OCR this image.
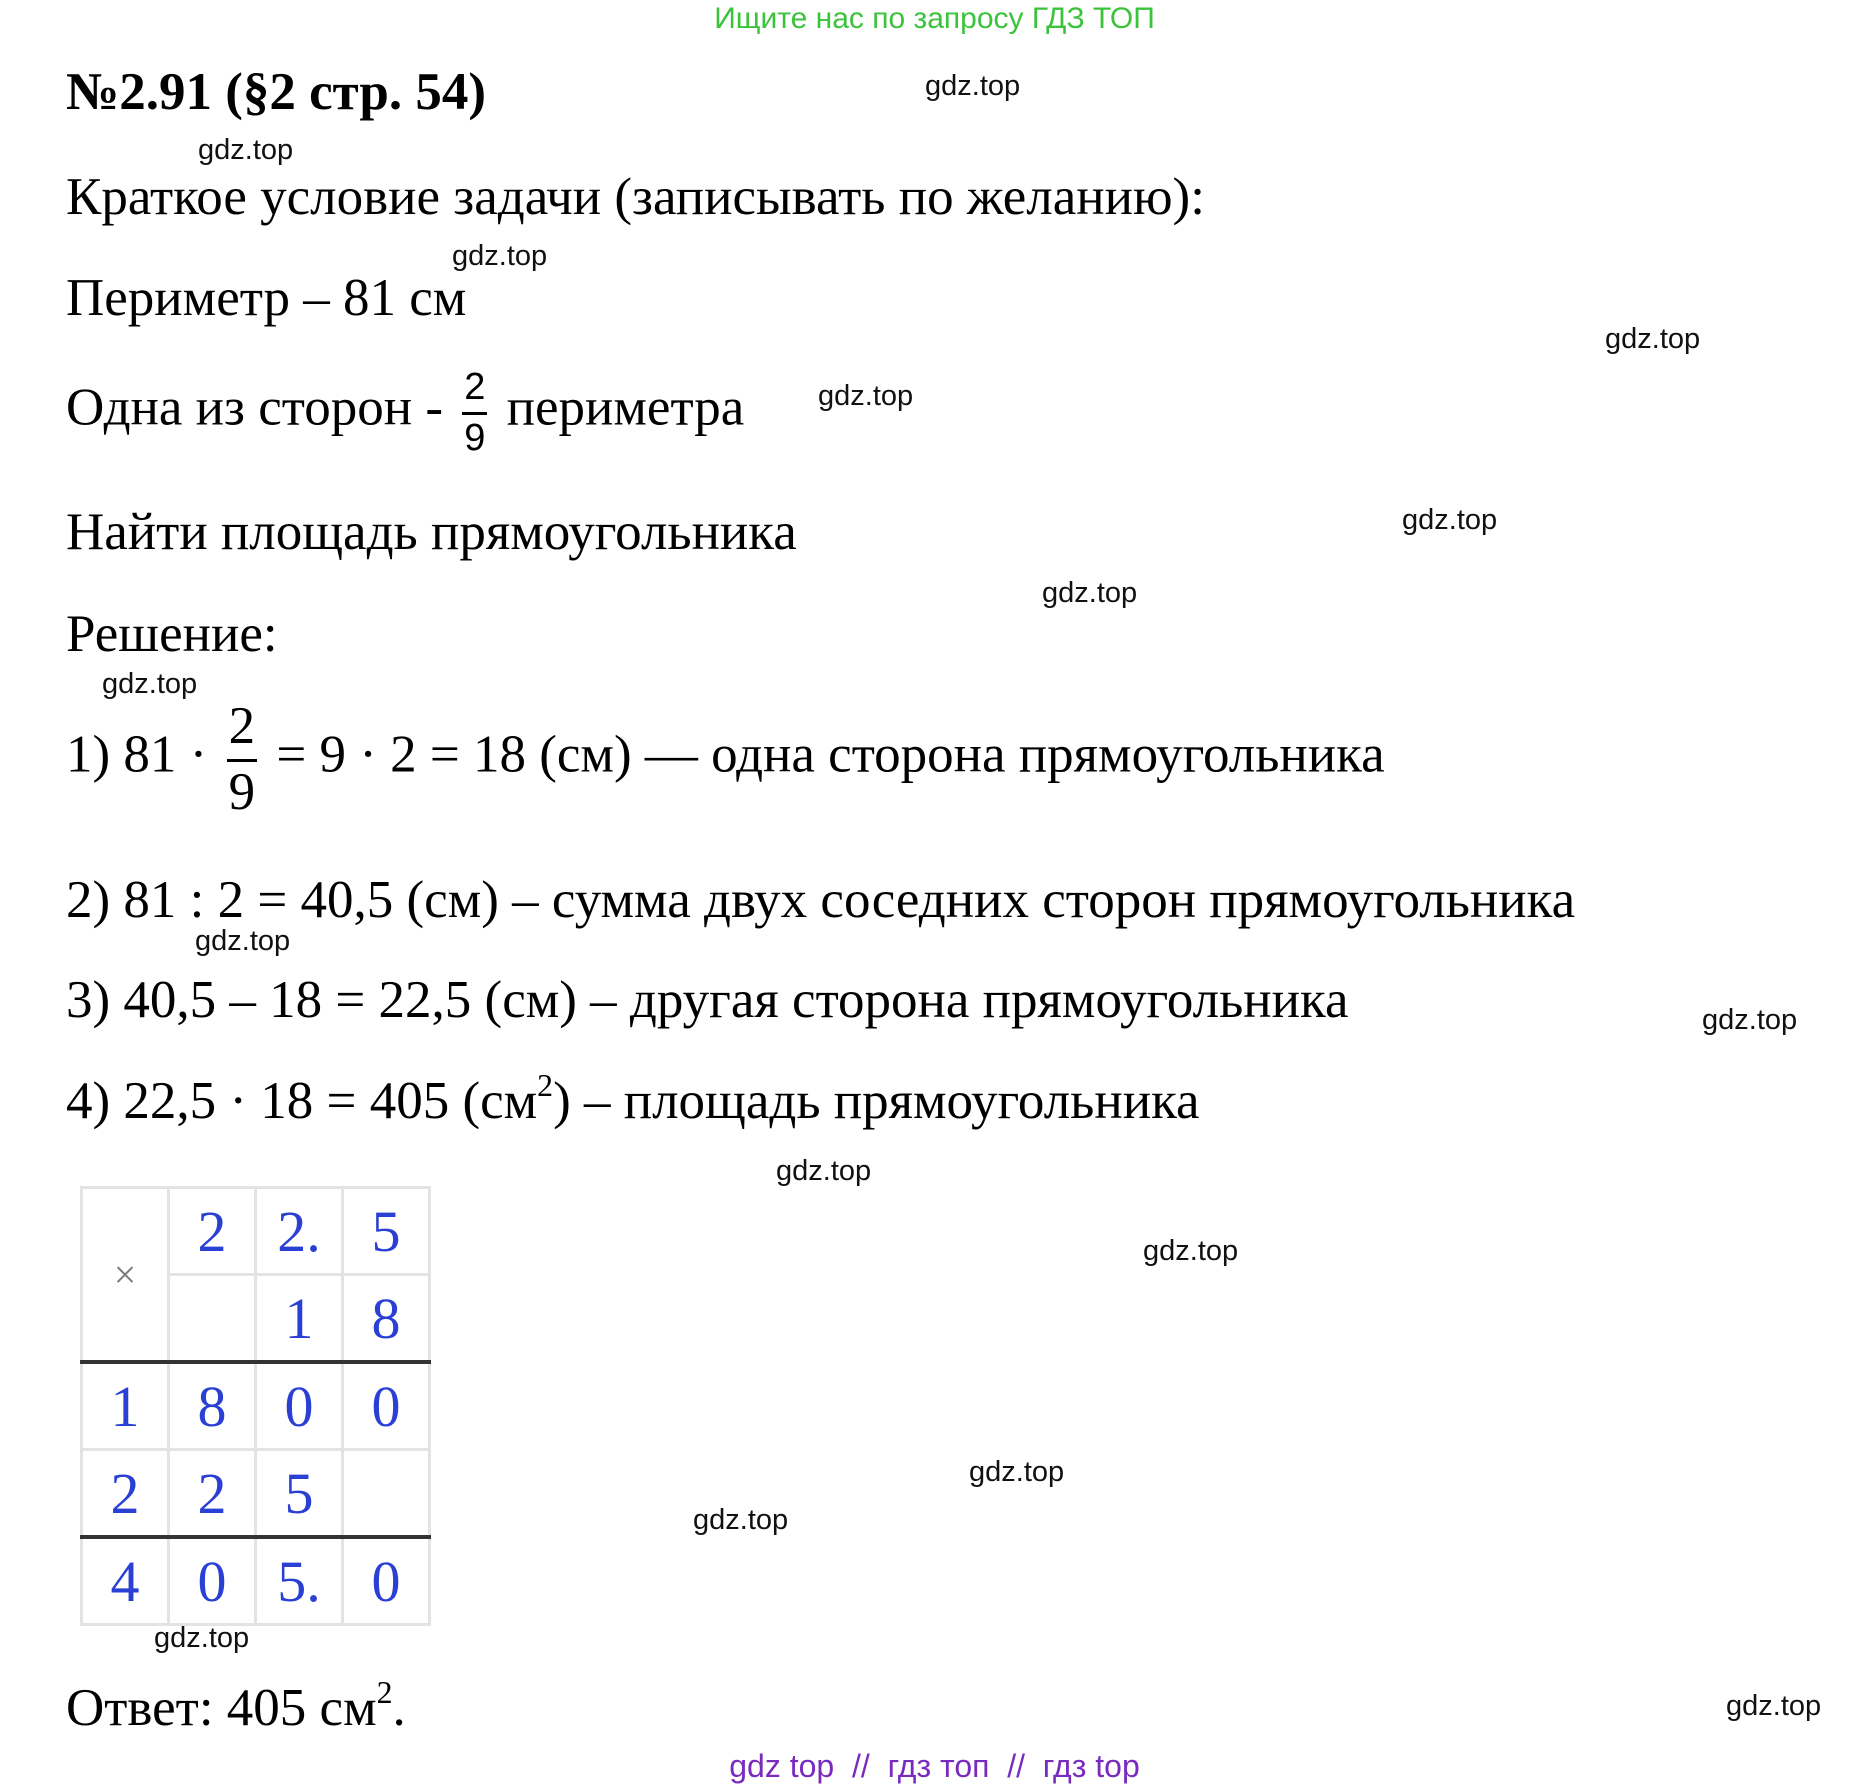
Ищите нас по запросу ГДЗ ТОП
№2.91 (§2 стр. 54)
Краткое условие задачи (записывать по желанию):
Периметр – 81 см
Одна из сторон - $\frac{2}{9}$ периметра
Найти площадь прямоугольника
Решение:
1) $81 \cdot \frac{2}{9} = 9 \cdot 2 = 18$ (см) — одна сторона прямоугольника
2) 81 : 2 = 40,5 (см) – сумма двух соседних сторон прямоугольника
3) 40,5 – 18 = 22,5 (см) – другая сторона прямоугольника
4) 22,5 · 18 = 405 $(см^2)$ – площадь прямоугольника
×	2	2.	5
		1	8
1	8	0	0
2	2	5	
4	0	5.	0
Ответ: 405 $см^2$.
gdz.top
gdz.top
gdz.top
gdz.top
gdz.top
gdz.top
gdz.top
gdz.top
gdz.top
gdz.top
gdz.top
gdz.top
gdz.top
gdz.top
gdz.top
gdz.top
gdz top // гдз топ // гдз top
